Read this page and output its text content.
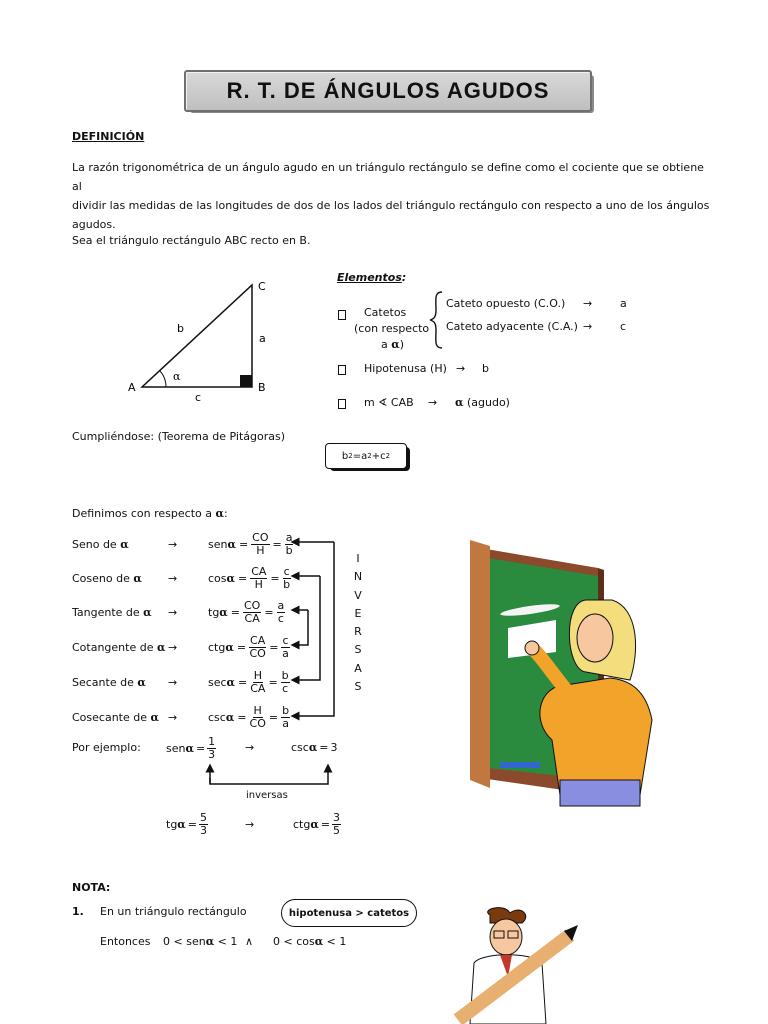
R. T. DE ÁNGULOS AGUDOS
DEFINICIÓN
La razón trigonométrica de un ángulo agudo en un triángulo rectángulo se define como el cociente que se obtiene al
dividir las medidas de las longitudes de dos de los lados del triángulo rectángulo con respecto a uno de los ángulos
agudos.
Sea el triángulo rectángulo ABC recto en B.
A	B
C
a
b
c
α
Elementos:
Catetos
(con respecto
a α)
Cateto opuesto (C.O.) →	a
Cateto adyacente (C.A.) →	c
Hipotenusa (H) → b
m ∢ CAB → α (agudo)
Cumpliéndose: (Teorema de Pitágoras)
b 2 = a 2 + c 2
Definimos con respecto a α:
Seno de α	→	sen $\alpha = \frac{CO}{H} = \frac{a}{b}$
Coseno de α	→	$\cos \alpha = \frac{CA}{H} = \frac{c}{b}$
Tangente de α →	tg $\alpha = \frac{CO}{CA} = \frac{a}{c}$
Cotangente de α →	ctg $\alpha = \frac{CA}{CO} = \frac{c}{a}$
Secante de α	→	$\sec \alpha = \frac{H}{CA} = \frac{b}{c}$
Cosecante de α →	$\csc \alpha = \frac{H}{CO} = \frac{b}{a}$
I
N
V
E
R
S
A
S
Por ejemplo: sen $\alpha = \frac{1}{3}$	→	csc α = 3
inversas
tg $\alpha = \frac{5}{3}$	→	ctg $\alpha = \frac{3}{5}$
NOTA:
1. En un triángulo rectángulo	hipotenusa > catetos
Entonces 0 < senα < 1 ∧ 0 < cosα < 1
